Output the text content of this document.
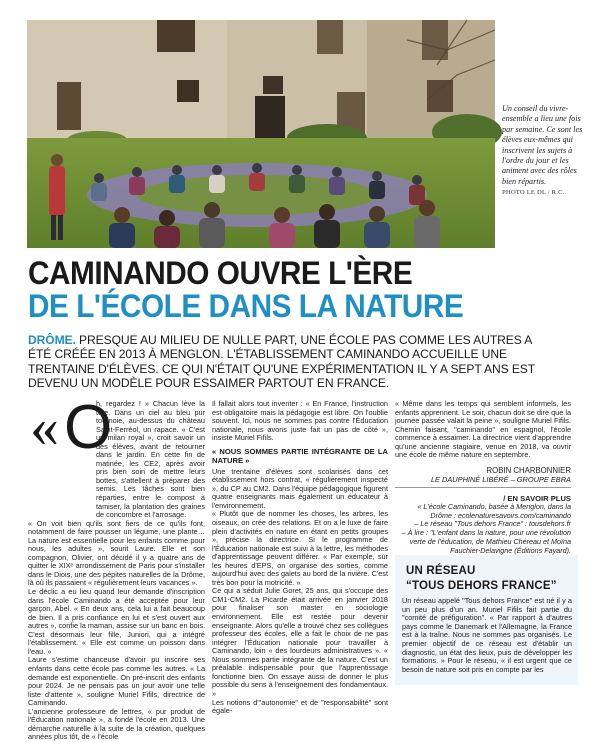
Un conseil du vivre-ensemble a lieu une fois par semaine. Ce sont les élèves eux-mêmes qui inscrivent les sujets à l'ordre du jour et les animent avec des rôles bien répartis.
PHOTO LE DL / R.C.
CAMINANDO OUVRE L'ÈRE
DE L'ÉCOLE DANS LA NATURE
DRÔME. PRESQUE AU MILIEU DE NULLE PART, UNE ÉCOLE PAS COMME LES AUTRES A ÉTÉ CRÉÉE EN 2013 À MENGLON. L'ÉTABLISSEMENT CAMINANDO ACCUEILLE UNE TRENTAINE D'ÉLÈVES. CE QUI N'ÉTAIT QU'UNE EXPÉRIMENTATION IL Y A SEPT ANS EST DEVENU UN MODÈLE POUR ESSAIMER PARTOUT EN FRANCE.
« O

h, regardez ! » Chacun lève la tête. Dans un ciel au bleu pur tournoie, au-dessus du château Saint-Ferréol, un rapace. « C'est un milan royal », croit savoir un des élèves, avant de retourner dans le jardin. En cette fin de matinée, les CE2, après avoir pris bien soin de mettre leurs bottes, s'attellent à préparer des semis. Les tâches sont bien réparties, entre le compost à tamiser, la plantation des graines de concombre et l'arrosage.

« On voit bien qu'ils sont fiers de ce qu'ils font, notamment de faire pousser un légume, une plante… La nature est essentielle pour les enfants comme pour nous, les adultes », sourit Laure. Elle et son compagnon, Olivier, ont décidé il y a quatre ans de quitter le XIXᵉ arrondissement de Paris pour s'installer dans le Diois, une des pépites naturelles de la Drôme, là où ils passaient « régulièrement leurs vacances ».

Le déclic a eu lieu quand leur demande d'inscription dans l'école Caminando a été acceptée pour leur garçon, Abel. « En deux ans, cela lui a fait beaucoup de bien. Il a pris confiance en lui et s'est ouvert aux autres », confie la maman, assise sur un banc en bois. C'est désormais leur fille, Juniori, qui a intégré l'établissement. « Elle est comme un poisson dans l'eau. »

Laure s'estime chanceuse d'avoir pu inscrire ses enfants dans cette école pas comme les autres. « La demande est exponentielle. On pré-inscrit des enfants pour 2024. Je ne pensais pas un jour avoir une telle liste d'attente », souligne Muriel Fifils, directrice de Caminando.

L'ancienne professeure de lettres, « pur produit de l'Éducation nationale », a fondé l'école en 2013. Une démarche naturelle à la suite de la création, quelques années plus tôt, de « l'école

Il fallait alors tout inventer : « En France, l'instruction est obligatoire mais la pédagogie est libre. On l'oublie souvent. Ici, nous ne sommes pas contre l'Éducation nationale, nous avons juste fait un pas de côté », insiste Muriel Fifils.

« NOUS SOMMES PARTIE INTÉGRANTE DE LA NATURE »

Une trentaine d'élèves sont scolarisés dans cet établissement hors contrat, « régulièrement inspecté », du CP au CM2. Dans l'équipe pédagogique figurent quatre enseignants mais également un éducateur à l'environnement.

« Plutôt que de nommer les choses, les arbres, les oiseaux, on crée des relations. Et on a le luxe de faire plein d'activités en nature en étant en petits groupes », précise la directrice. Si le programme de l'Éducation nationale est suivi à la lettre, les méthodes d'apprentissage peuvent différer. « Par exemple, sur les heures d'EPS, on organise des sorties, comme aujourd'hui avec des galets au bord de la rivière. C'est très bon pour la motricité. »

Ce qui a séduit Julie Goret, 25 ans, qui s'occupe des CM1-CM2. La Picarde était arrivée en janvier 2018 pour finaliser son master en sociologie environnement. Elle est restée pour devenir enseignante. Alors qu'elle a trouvé chez ses collègues professeur des écoles, elle a fait le choix de ne pas intégrer l'Éducation nationale pour travailler à Caminando, loin « des lourdeurs administratives ». « Nous sommes partie intégrante de la nature. C'est un préalable indispensable pour que l'apprentissage fonctionne bien. On essaye aussi de donner le plus possible du sens à l'enseignement des fondamentaux. »

Les notions d'"autonomie" et de "responsabilité" sont égale-

« Même dans les temps qui semblent informels, les enfants apprennent. Le soir, chacun doit se dire que la journée passée valait la peine », souligne Muriel Fifils. Chemin faisant, "caminando" en espagnol, l'école commence à essaimer. La directrice vient d'apprendre qu'une ancienne stagiaire, venue en 2018, va ouvrir une école de même nature en septembre.

ROBIN CHARBONNIER
LE DAUPHINÉ LIBÉRÉ – GROUPE EBRA
/ EN SAVOIR PLUS
« L'école Caminando, basée à Menglon, dans la Drôme : ecolenaturesavoirs.com/caminando
– Le réseau "Tous dehors France" : tousdehors.fr
– À lire : "L'enfant dans la nature, pour une révolution verte de l'éducation, de Mathieu Chéreau et Moïna Fauchier-Delavigne (Éditions Fayard).
UN RÉSEAU
“TOUS DEHORS FRANCE”
Un réseau appelé "Tous dehors France" est né il y a un peu plus d'un an. Muriel Fifils fait partie du "comité de préfiguration". « Par rapport à d'autres pays comme le Danemark et l'Allemagne, la France est à la traîne. Nous ne sommes pas organisés. Le premier objectif de ce réseau est d'établir un diagnostic, un état des lieux, puis de développer les formations. » Pour le réseau, « il est urgent que ce besoin de nature soit pris en compte par les
